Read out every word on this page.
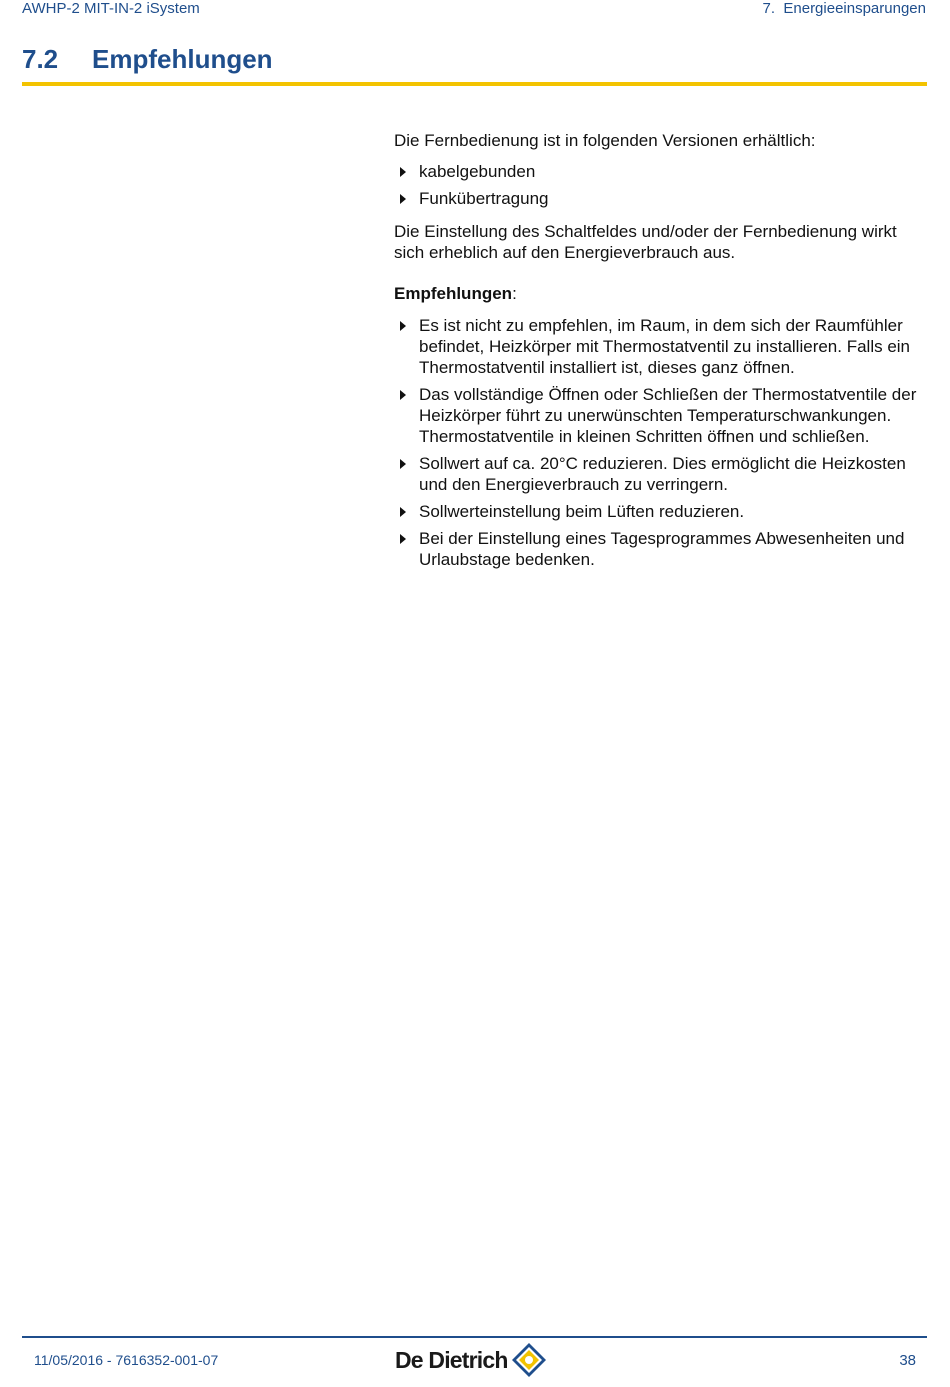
AWHP-2 MIT-IN-2 iSystem	7.  Energieeinsparungen
7.2 Empfehlungen

Die Fernbedienung ist in folgenden Versionen erhältlich:

kabelgebunden
Funkübertragung

Die Einstellung des Schaltfeldes und/oder der Fernbedienung wirkt sich erheblich auf den Energieverbrauch aus.

Empfehlungen:

Es ist nicht zu empfehlen, im Raum, in dem sich der Raumfühler befindet, Heizkörper mit Thermostatventil zu installieren. Falls ein Thermostatventil installiert ist, dieses ganz öffnen.
Das vollständige Öffnen oder Schließen der Thermostatventile der Heizkörper führt zu unerwünschten Temperaturschwankungen. Thermostatventile in kleinen Schritten öffnen und schließen.
Sollwert auf ca. 20°C reduzieren. Dies ermöglicht die Heizkosten und den Energieverbrauch zu verringern.
Sollwerteinstellung beim Lüften reduzieren.
Bei der Einstellung eines Tagesprogrammes Abwesenheiten und Urlaubstage bedenken.
11/05/2016 - 7616352-001-07	De Dietrich	38
